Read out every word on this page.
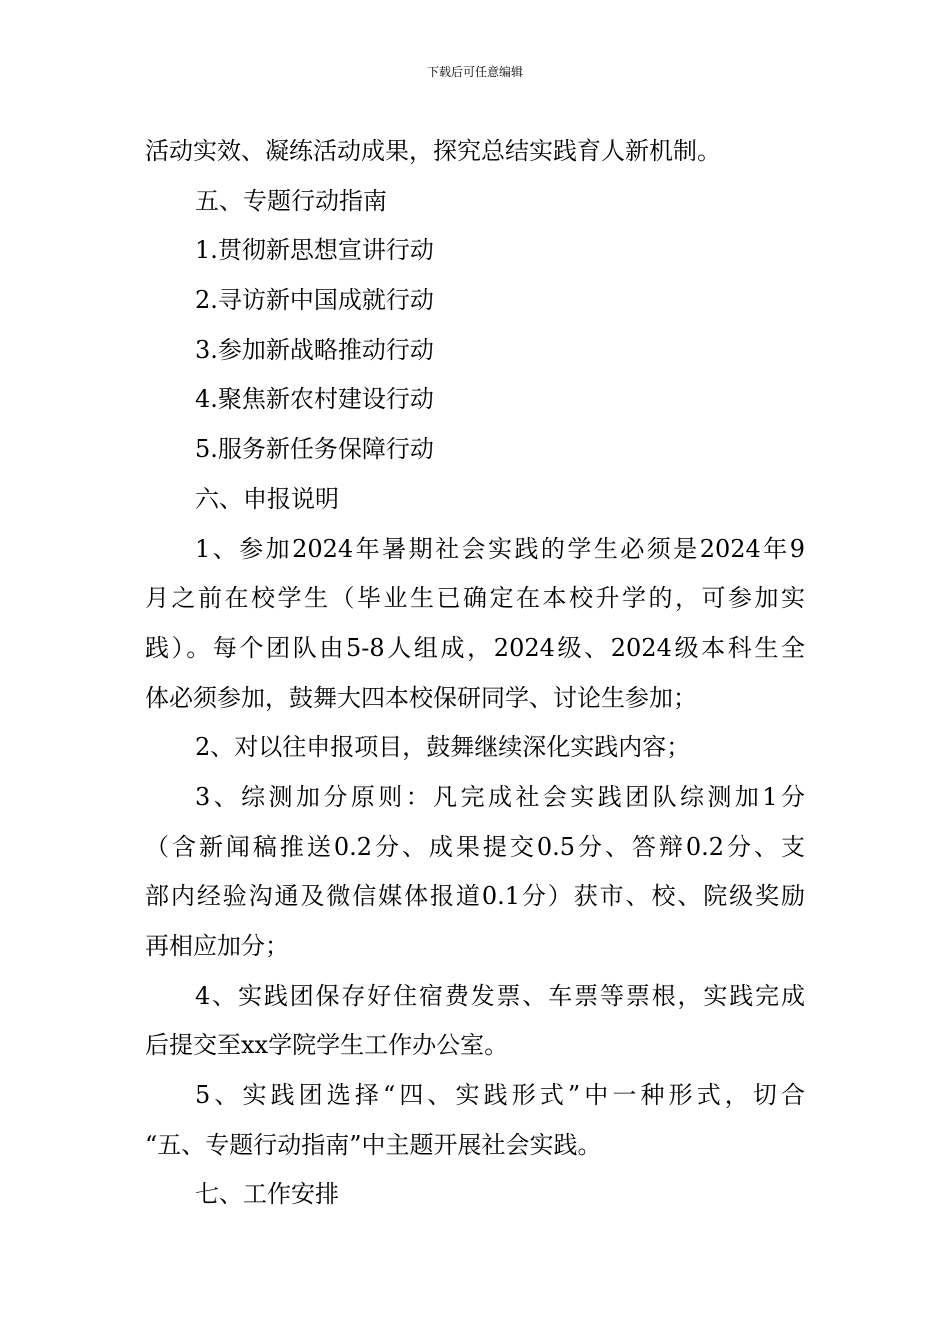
下载后可任意编辑
活动实效、凝练活动成果，探究总结实践育人新机制。
五、专题行动指南
1.贯彻新思想宣讲行动
2.寻访新中国成就行动
3.参加新战略推动行动
4.聚焦新农村建设行动
5.服务新任务保障行动
六、申报说明
1、参加2024年暑期社会实践的学生必须是2024年9
月之前在校学生（毕业生已确定在本校升学的，可参加实
践）。每个团队由5-8人组成，2024级、2024级本科生全
体必须参加，鼓舞大四本校保研同学、讨论生参加；
2、对以往申报项目，鼓舞继续深化实践内容；
3、综测加分原则：凡完成社会实践团队综测加1分
（含新闻稿推送0.2分、成果提交0.5分、答辩0.2分、支
部内经验沟通及微信媒体报道0.1分）获市、校、院级奖励
再相应加分；
4、实践团保存好住宿费发票、车票等票根，实践完成
后提交至xx学院学生工作办公室。
5、实践团选择“四、实践形式”中一种形式，切合
“五、专题行动指南”中主题开展社会实践。
七、工作安排
